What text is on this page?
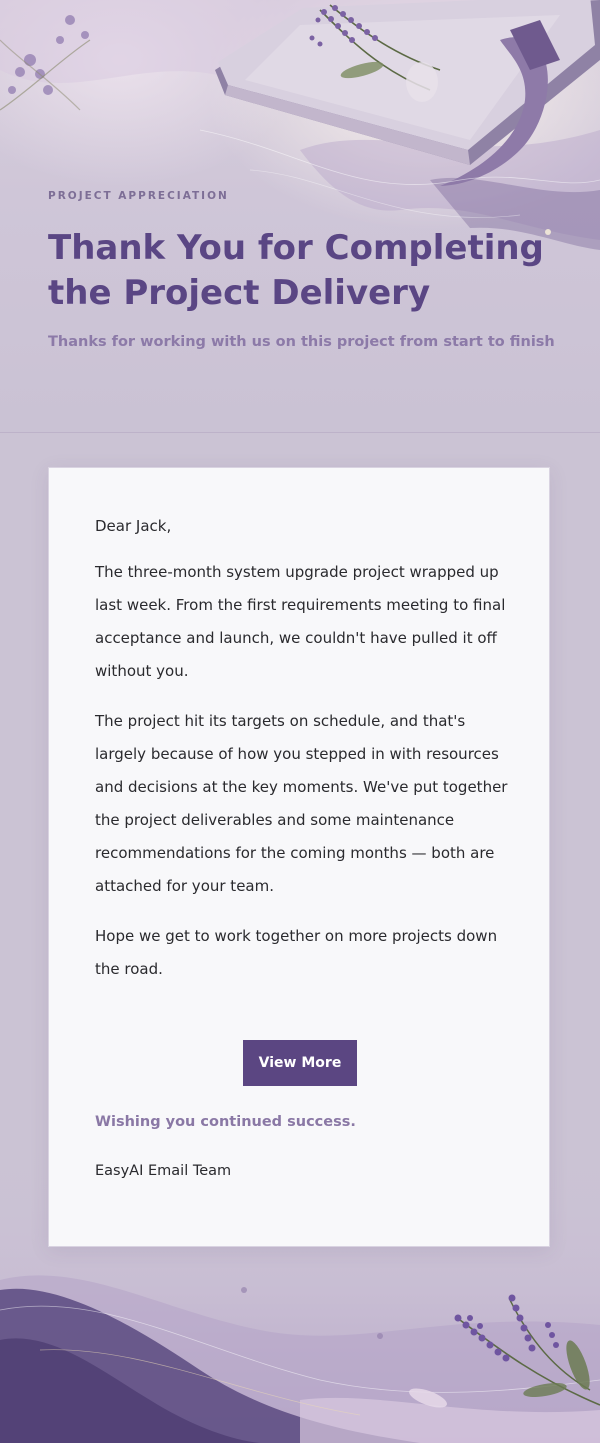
PROJECT APPRECIATION
Thank You for Completing the Project Delivery
Thanks for working with us on this project from start to finish

Dear Jack,

The three-month system upgrade project wrapped up last week. From the first requirements meeting to final acceptance and launch, we couldn't have pulled it off without you.

The project hit its targets on schedule, and that's largely because of how you stepped in with resources and decisions at the key moments. We've put together the project deliverables and some maintenance recommendations for the coming months — both are attached for your team.

Hope we get to work together on more projects down the road.

View More
Wishing you continued success.
EasyAI Email Team
